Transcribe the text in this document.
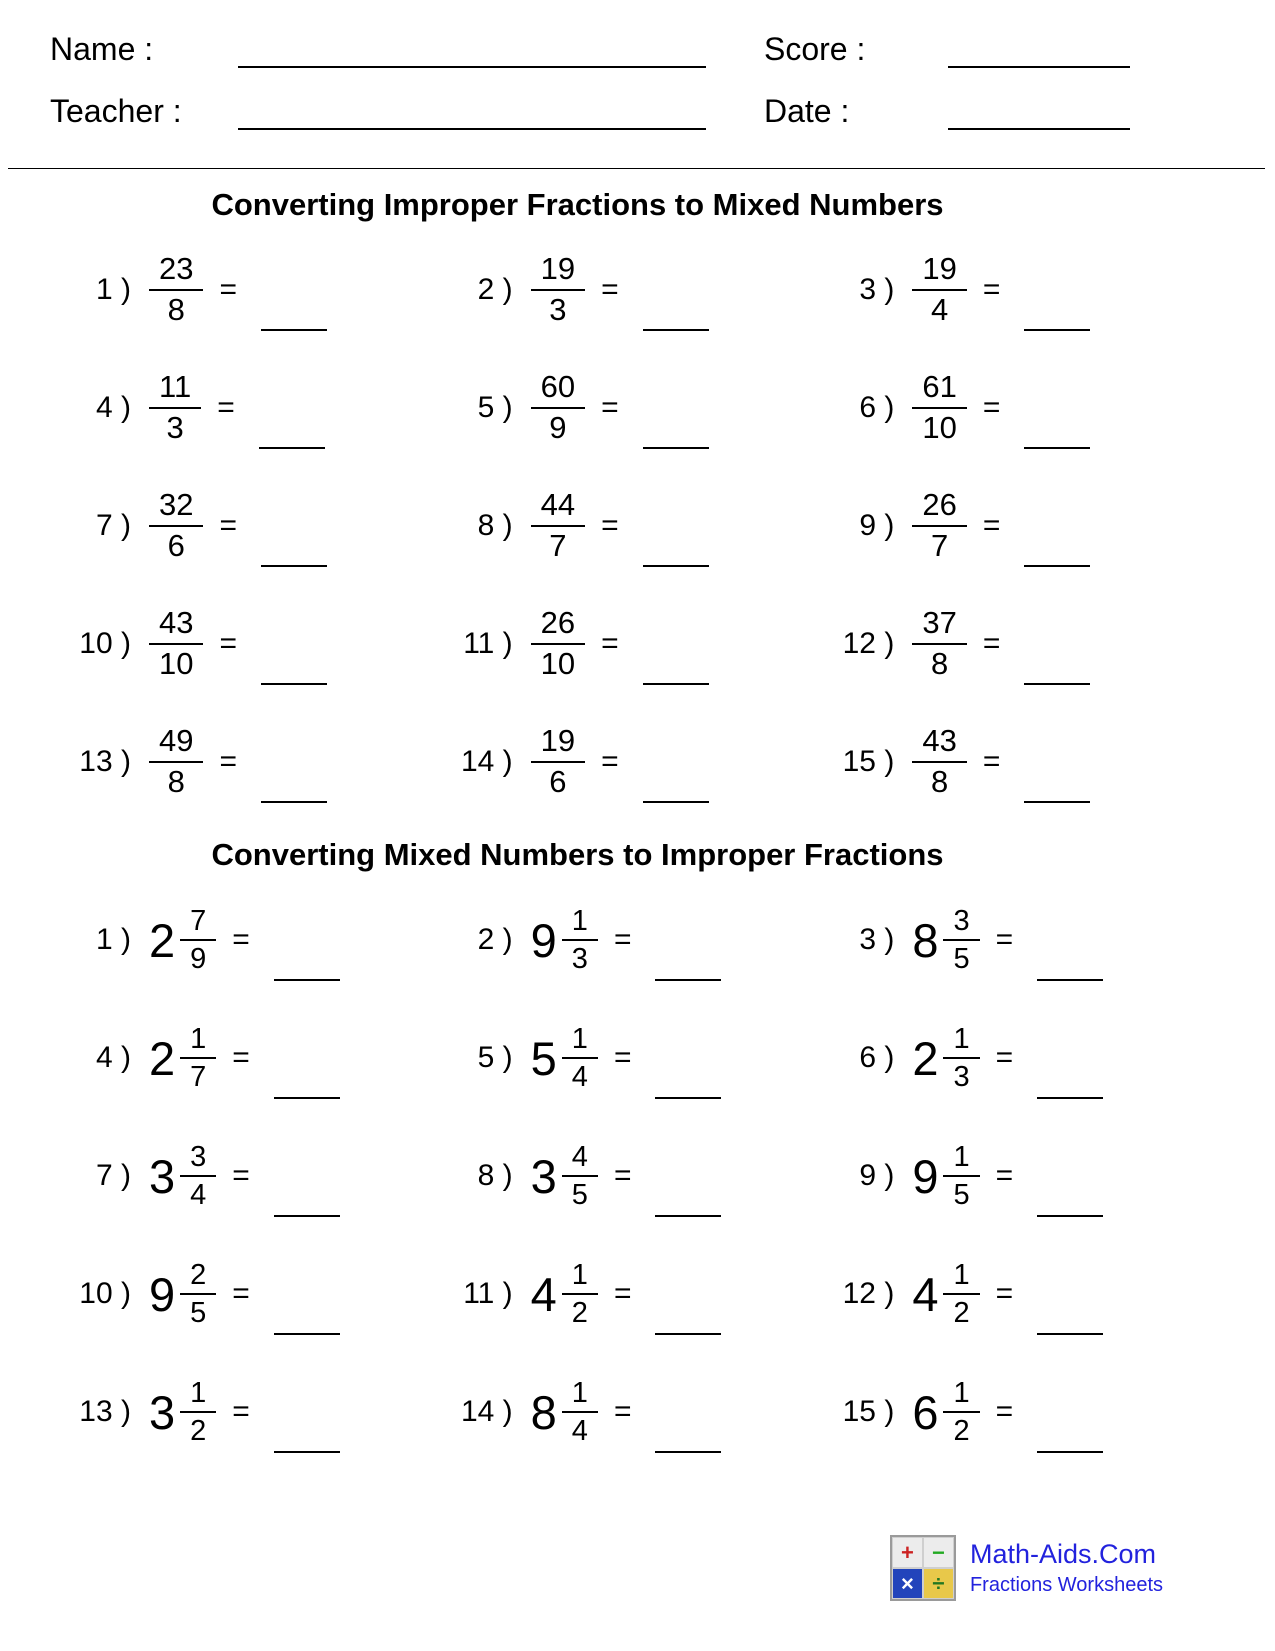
Name :	Score :
Teacher :	Date :
Converting Improper Fractions to Mixed Numbers
1 ) $\frac{23}{8}$ =	2 ) $\frac{19}{3}$ =	3 ) $\frac{19}{4}$ =
4 ) $\frac{11}{3}$ =	5 ) $\frac{60}{9}$ =	6 ) $\frac{61}{10}$ =
7 ) $\frac{32}{6}$ =	8 ) $\frac{44}{7}$ =	9 ) $\frac{26}{7}$ =
10 ) $\frac{43}{10}$ =	11 ) $\frac{26}{10}$ =	12 ) $\frac{37}{8}$ =
13 ) $\frac{49}{8}$ =	14 ) $\frac{19}{6}$ =	15 ) $\frac{43}{8}$ =
Converting Mixed Numbers to Improper Fractions
1 ) $2 \frac{7}{9}$ =	2 ) $9 \frac{1}{3}$ =	3 ) $8 \frac{3}{5}$ =
4 ) $2 \frac{1}{7}$ =	5 ) $5 \frac{1}{4}$ =	6 ) $2 \frac{1}{3}$ =
7 ) $3 \frac{3}{4}$ =	8 ) $3 \frac{4}{5}$ =	9 ) $9 \frac{1}{5}$ =
10 ) $9 \frac{2}{5}$ =	11 ) $4 \frac{1}{2}$ =	12 ) $4 \frac{1}{2}$ =
13 ) $3 \frac{1}{2}$ =	14 ) $8 \frac{1}{4}$ =	15 ) $6 \frac{1}{2}$ =
+ −
× ÷
Math-Aids.Com
Fractions Worksheets
